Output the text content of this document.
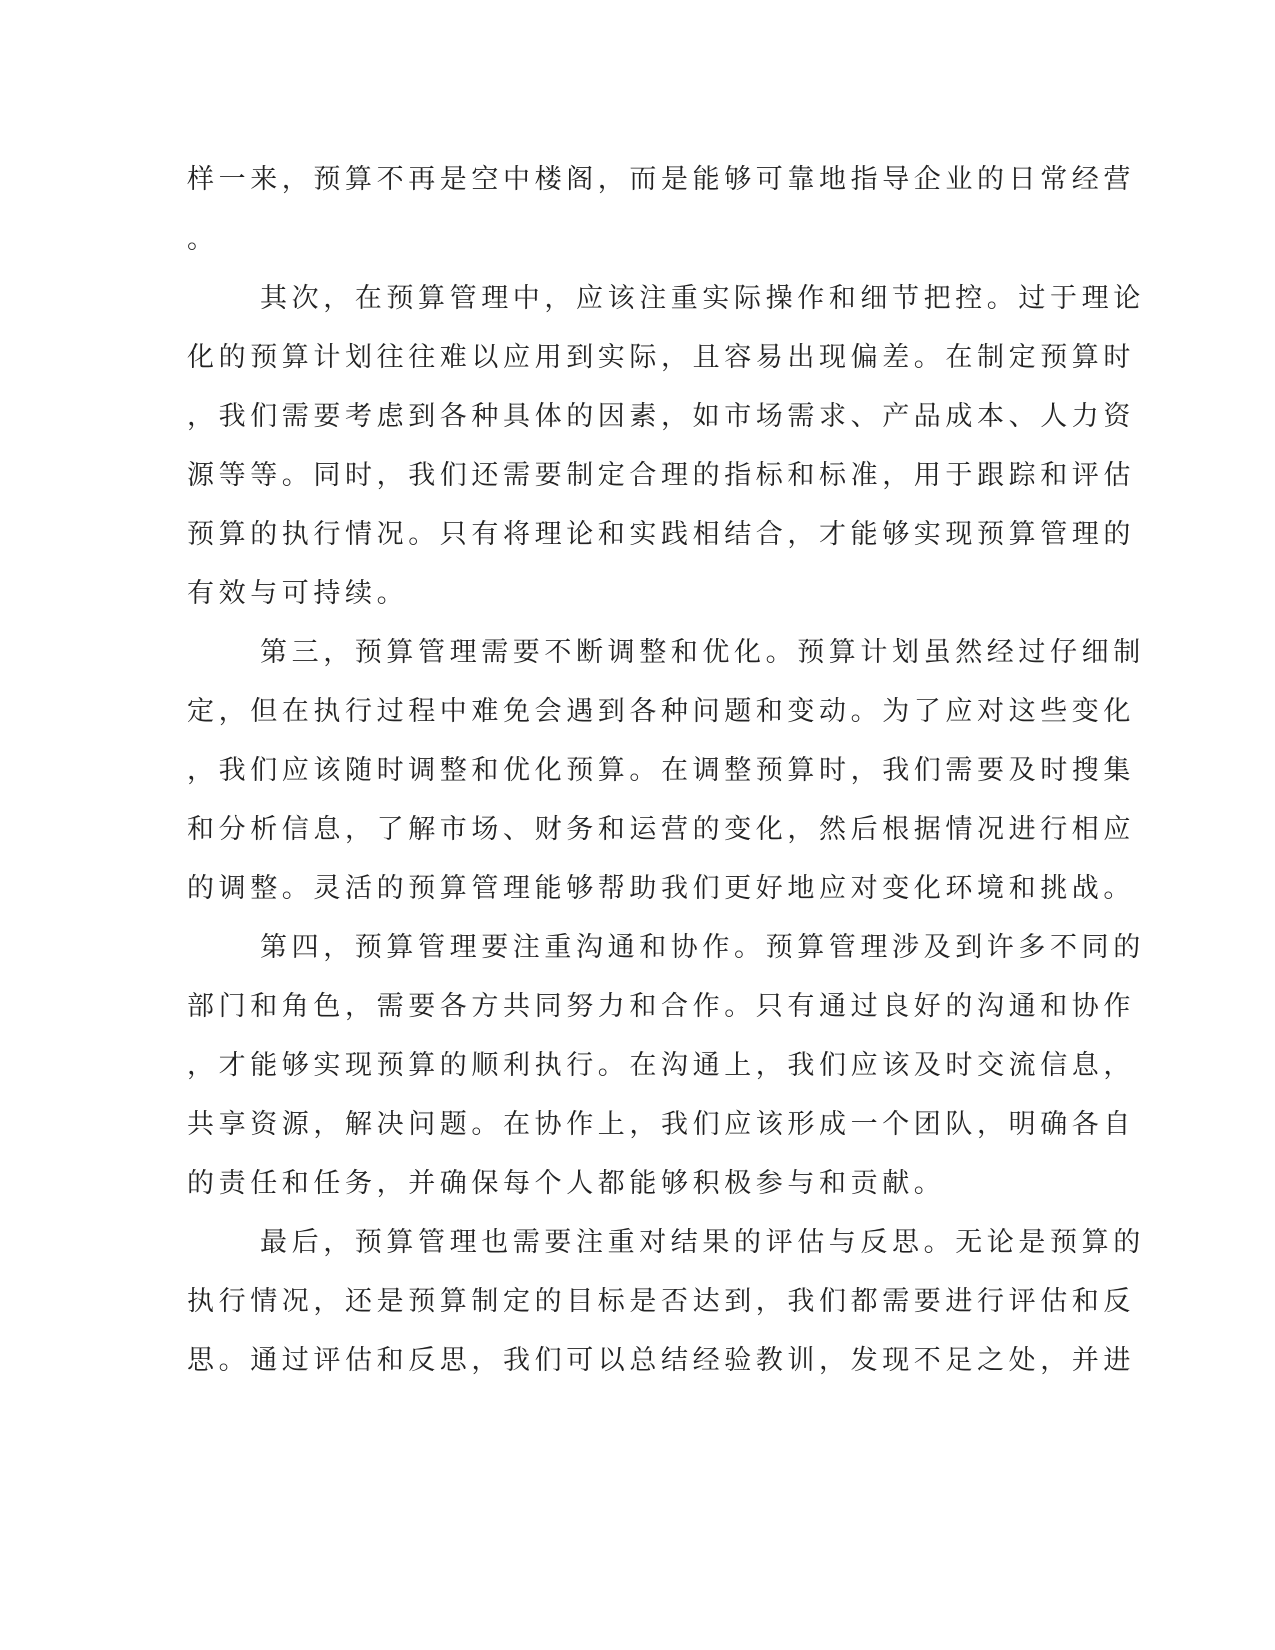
样一来，预算不再是空中楼阁，而是能够可靠地指导企业的日常经营
。
其次，在预算管理中，应该注重实际操作和细节把控。过于理论
化的预算计划往往难以应用到实际，且容易出现偏差。在制定预算时
，我们需要考虑到各种具体的因素，如市场需求、产品成本、人力资
源等等。同时，我们还需要制定合理的指标和标准，用于跟踪和评估
预算的执行情况。只有将理论和实践相结合，才能够实现预算管理的
有效与可持续。
第三，预算管理需要不断调整和优化。预算计划虽然经过仔细制
定，但在执行过程中难免会遇到各种问题和变动。为了应对这些变化
，我们应该随时调整和优化预算。在调整预算时，我们需要及时搜集
和分析信息，了解市场、财务和运营的变化，然后根据情况进行相应
的调整。灵活的预算管理能够帮助我们更好地应对变化环境和挑战。
第四，预算管理要注重沟通和协作。预算管理涉及到许多不同的
部门和角色，需要各方共同努力和合作。只有通过良好的沟通和协作
，才能够实现预算的顺利执行。在沟通上，我们应该及时交流信息，
共享资源，解决问题。在协作上，我们应该形成一个团队，明确各自
的责任和任务，并确保每个人都能够积极参与和贡献。
最后，预算管理也需要注重对结果的评估与反思。无论是预算的
执行情况，还是预算制定的目标是否达到，我们都需要进行评估和反
思。通过评估和反思，我们可以总结经验教训，发现不足之处，并进
